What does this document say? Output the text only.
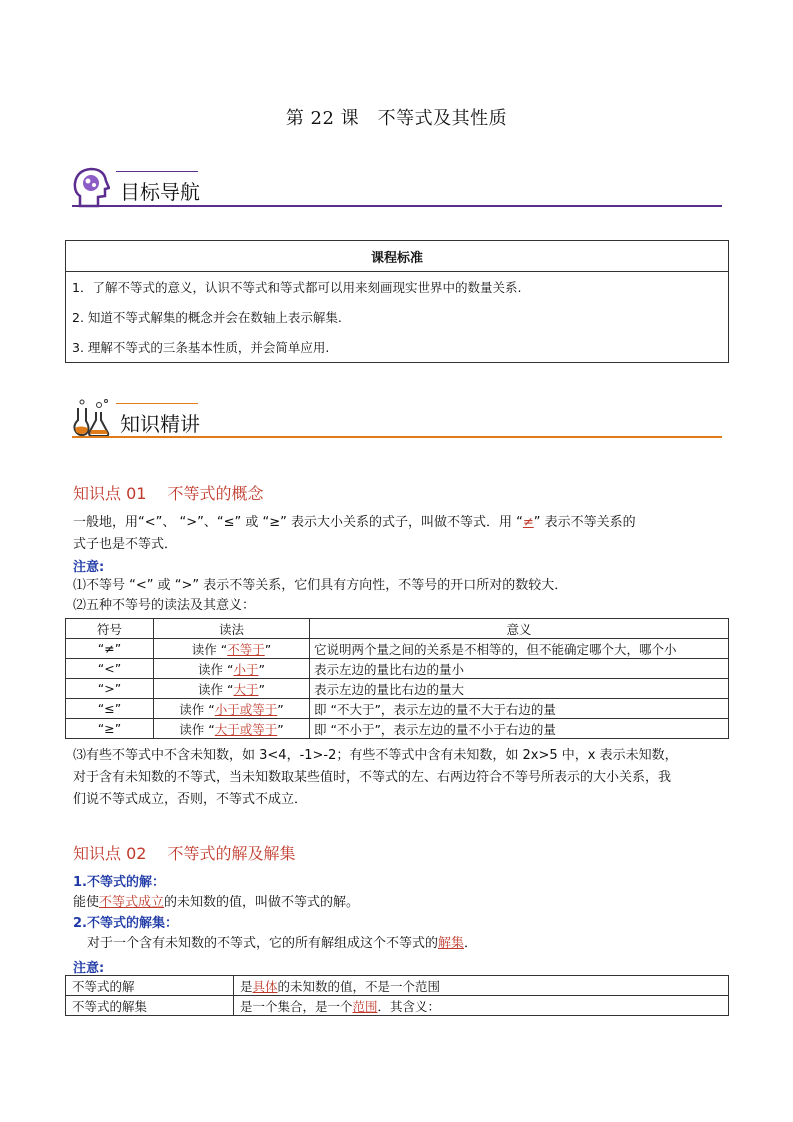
第 22 课　不等式及其性质
目标导航
课程标准
1．了解不等式的意义，认识不等式和等式都可以用来刻画现实世界中的数量关系.
2. 知道不等式解集的概念并会在数轴上表示解集.
3. 理解不等式的三条基本性质，并会简单应用.
知识精讲
知识点 01　 不等式的概念
一般地，用“<”、 “>”、“≤” 或 “≥” 表示大小关系的式子，叫做不等式．用 “≠” 表示不等关系的
式子也是不等式．
注意:
⑴不等号 “<” 或 “>” 表示不等关系，它们具有方向性，不等号的开口所对的数较大．
⑵五种不等号的读法及其意义：
符号	读法	意义
“≠”	读作 “不等于”	它说明两个量之间的关系是不相等的，但不能确定哪个大，哪个小
“<”	读作 “小于”	表示左边的量比右边的量小
“>”	读作 “大于”	表示左边的量比右边的量大
“≤”	读作 “小于或等于”	即 “不大于”，表示左边的量不大于右边的量
“≥”	读作 “大于或等于”	即 “不小于”，表示左边的量不小于右边的量
⑶有些不等式中不含未知数，如 3<4，-1>-2；有些不等式中含有未知数，如 2x>5 中，x 表示未知数，
对于含有未知数的不等式，当未知数取某些值时，不等式的左、右两边符合不等号所表示的大小关系，我
们说不等式成立，否则，不等式不成立．
知识点 02　 不等式的解及解集
1.不等式的解：
能使不等式成立的未知数的值，叫做不等式的解。
2.不等式的解集：
对于一个含有未知数的不等式，它的所有解组成这个不等式的解集．
注意:
不等式的解	是具体的未知数的值，不是一个范围
不等式的解集	是一个集合，是一个范围．其含义：
